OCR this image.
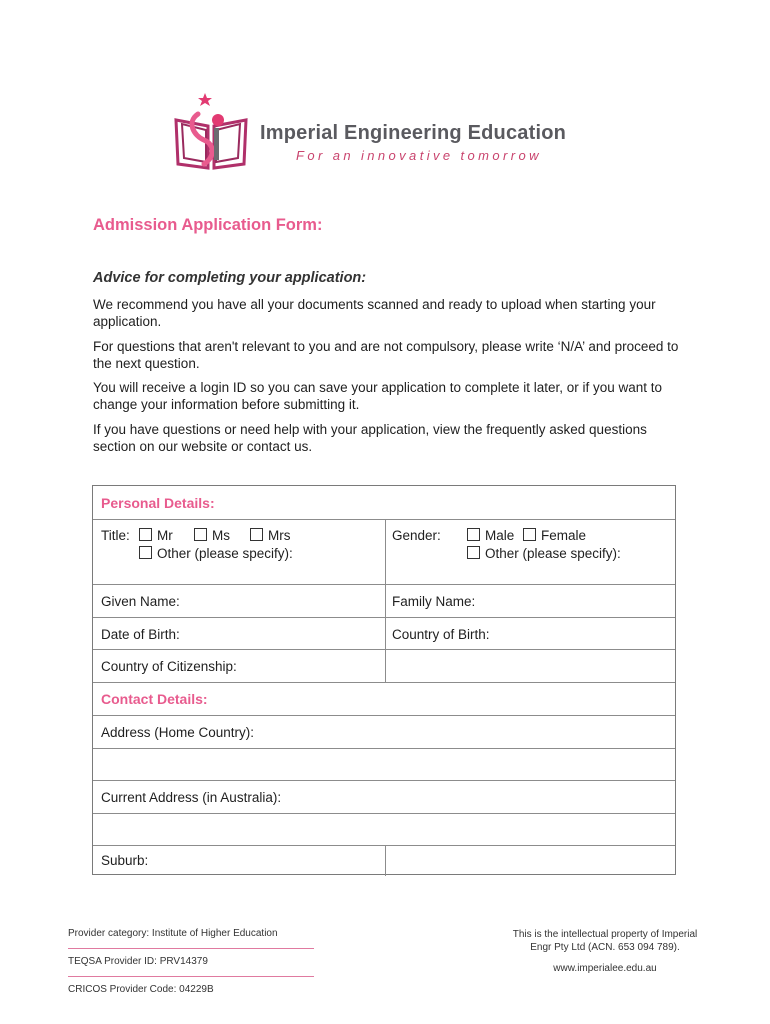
Imperial Engineering Education
For an innovative tomorrow
Admission Application Form:
Advice for completing your application:
We recommend you have all your documents scanned and ready to upload when starting your application.
For questions that aren't relevant to you and are not compulsory, please write ‘N/A’ and proceed to the next question.
You will receive a login ID so you can save your application to complete it later, or if you want to change your information before submitting it.
If you have questions or need help with your application, view the frequently asked questions section on our website or contact us.
Personal Details:
Title:	Mr	Ms	Mrs
Other (please specify):
Gender:	Male	Female
Other (please specify):
Given Name:	Family Name:
Date of Birth:	Country of Birth:
Country of Citizenship:
Contact Details:
Address (Home Country):
Current Address (in Australia):
Suburb:
Provider category: Institute of Higher Education
TEQSA Provider ID: PRV14379
CRICOS Provider Code: 04229B
This is the intellectual property of Imperial
Engr Pty Ltd (ACN. 653 094 789).
www.imperialee.edu.au
